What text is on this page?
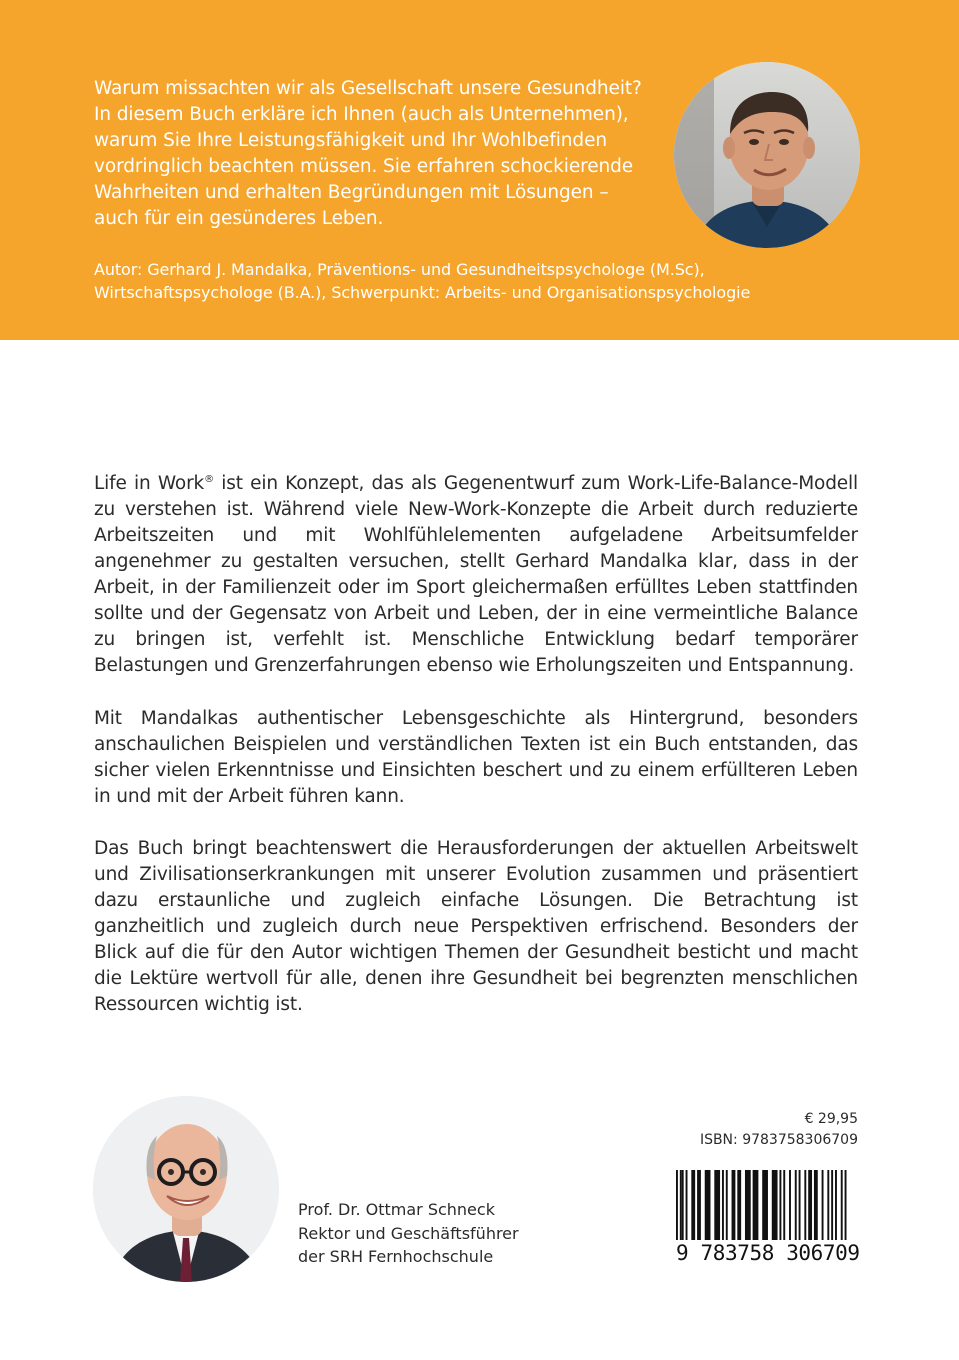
Warum missachten wir als Gesellschaft unsere Gesundheit?
In diesem Buch erkläre ich Ihnen (auch als Unternehmen),
warum Sie Ihre Leistungsfähigkeit und Ihr Wohlbefinden
vordringlich beachten müssen. Sie erfahren schockierende
Wahrheiten und erhalten Begründungen mit Lösungen –
auch für ein gesünderes Leben.

Autor: Gerhard J. Mandalka, Präventions- und Gesundheitspsychologe (M.Sc),
Wirtschaftspsychologe (B.A.), Schwerpunkt: Arbeits- und Organisationspsychologie

Life in Work® ist ein Konzept, das als Gegenentwurf zum Work-Life-Balance-Modell zu verstehen ist. Während viele New-Work-Konzepte die Arbeit durch reduzierte Arbeitszeiten und mit Wohlfühlelementen aufgeladene Arbeitsumfelder angenehmer zu gestalten versuchen, stellt Gerhard Mandalka klar, dass in der Arbeit, in der Familienzeit oder im Sport gleichermaßen erfülltes Leben stattfinden sollte und der Gegensatz von Arbeit und Leben, der in eine vermeintliche Balance zu bringen ist, verfehlt ist. Menschliche Entwicklung bedarf temporärer Belastungen und Grenzerfahrungen ebenso wie Erholungszeiten und Entspannung.

Mit Mandalkas authentischer Lebensgeschichte als Hintergrund, besonders anschaulichen Beispielen und verständlichen Texten ist ein Buch entstanden, das sicher vielen Erkenntnisse und Einsichten beschert und zu einem erfüllteren Leben in und mit der Arbeit führen kann.

Das Buch bringt beachtenswert die Herausforderungen der aktuellen Arbeitswelt und Zivilisationserkrankungen mit unserer Evolution zusammen und präsentiert dazu erstaunliche und zugleich einfache Lösungen. Die Betrachtung ist ganzheitlich und zugleich durch neue Perspektiven erfrischend. Besonders der Blick auf die für den Autor wichtigen Themen der Gesundheit besticht und macht die Lektüre wertvoll für alle, denen ihre Gesundheit bei begrenzten menschlichen Ressourcen wichtig ist.

Prof. Dr. Ottmar Schneck
Rektor und Geschäftsführer
der SRH Fernhochschule

€ 29,95

ISBN: 9783758306709

9 783758 306709
